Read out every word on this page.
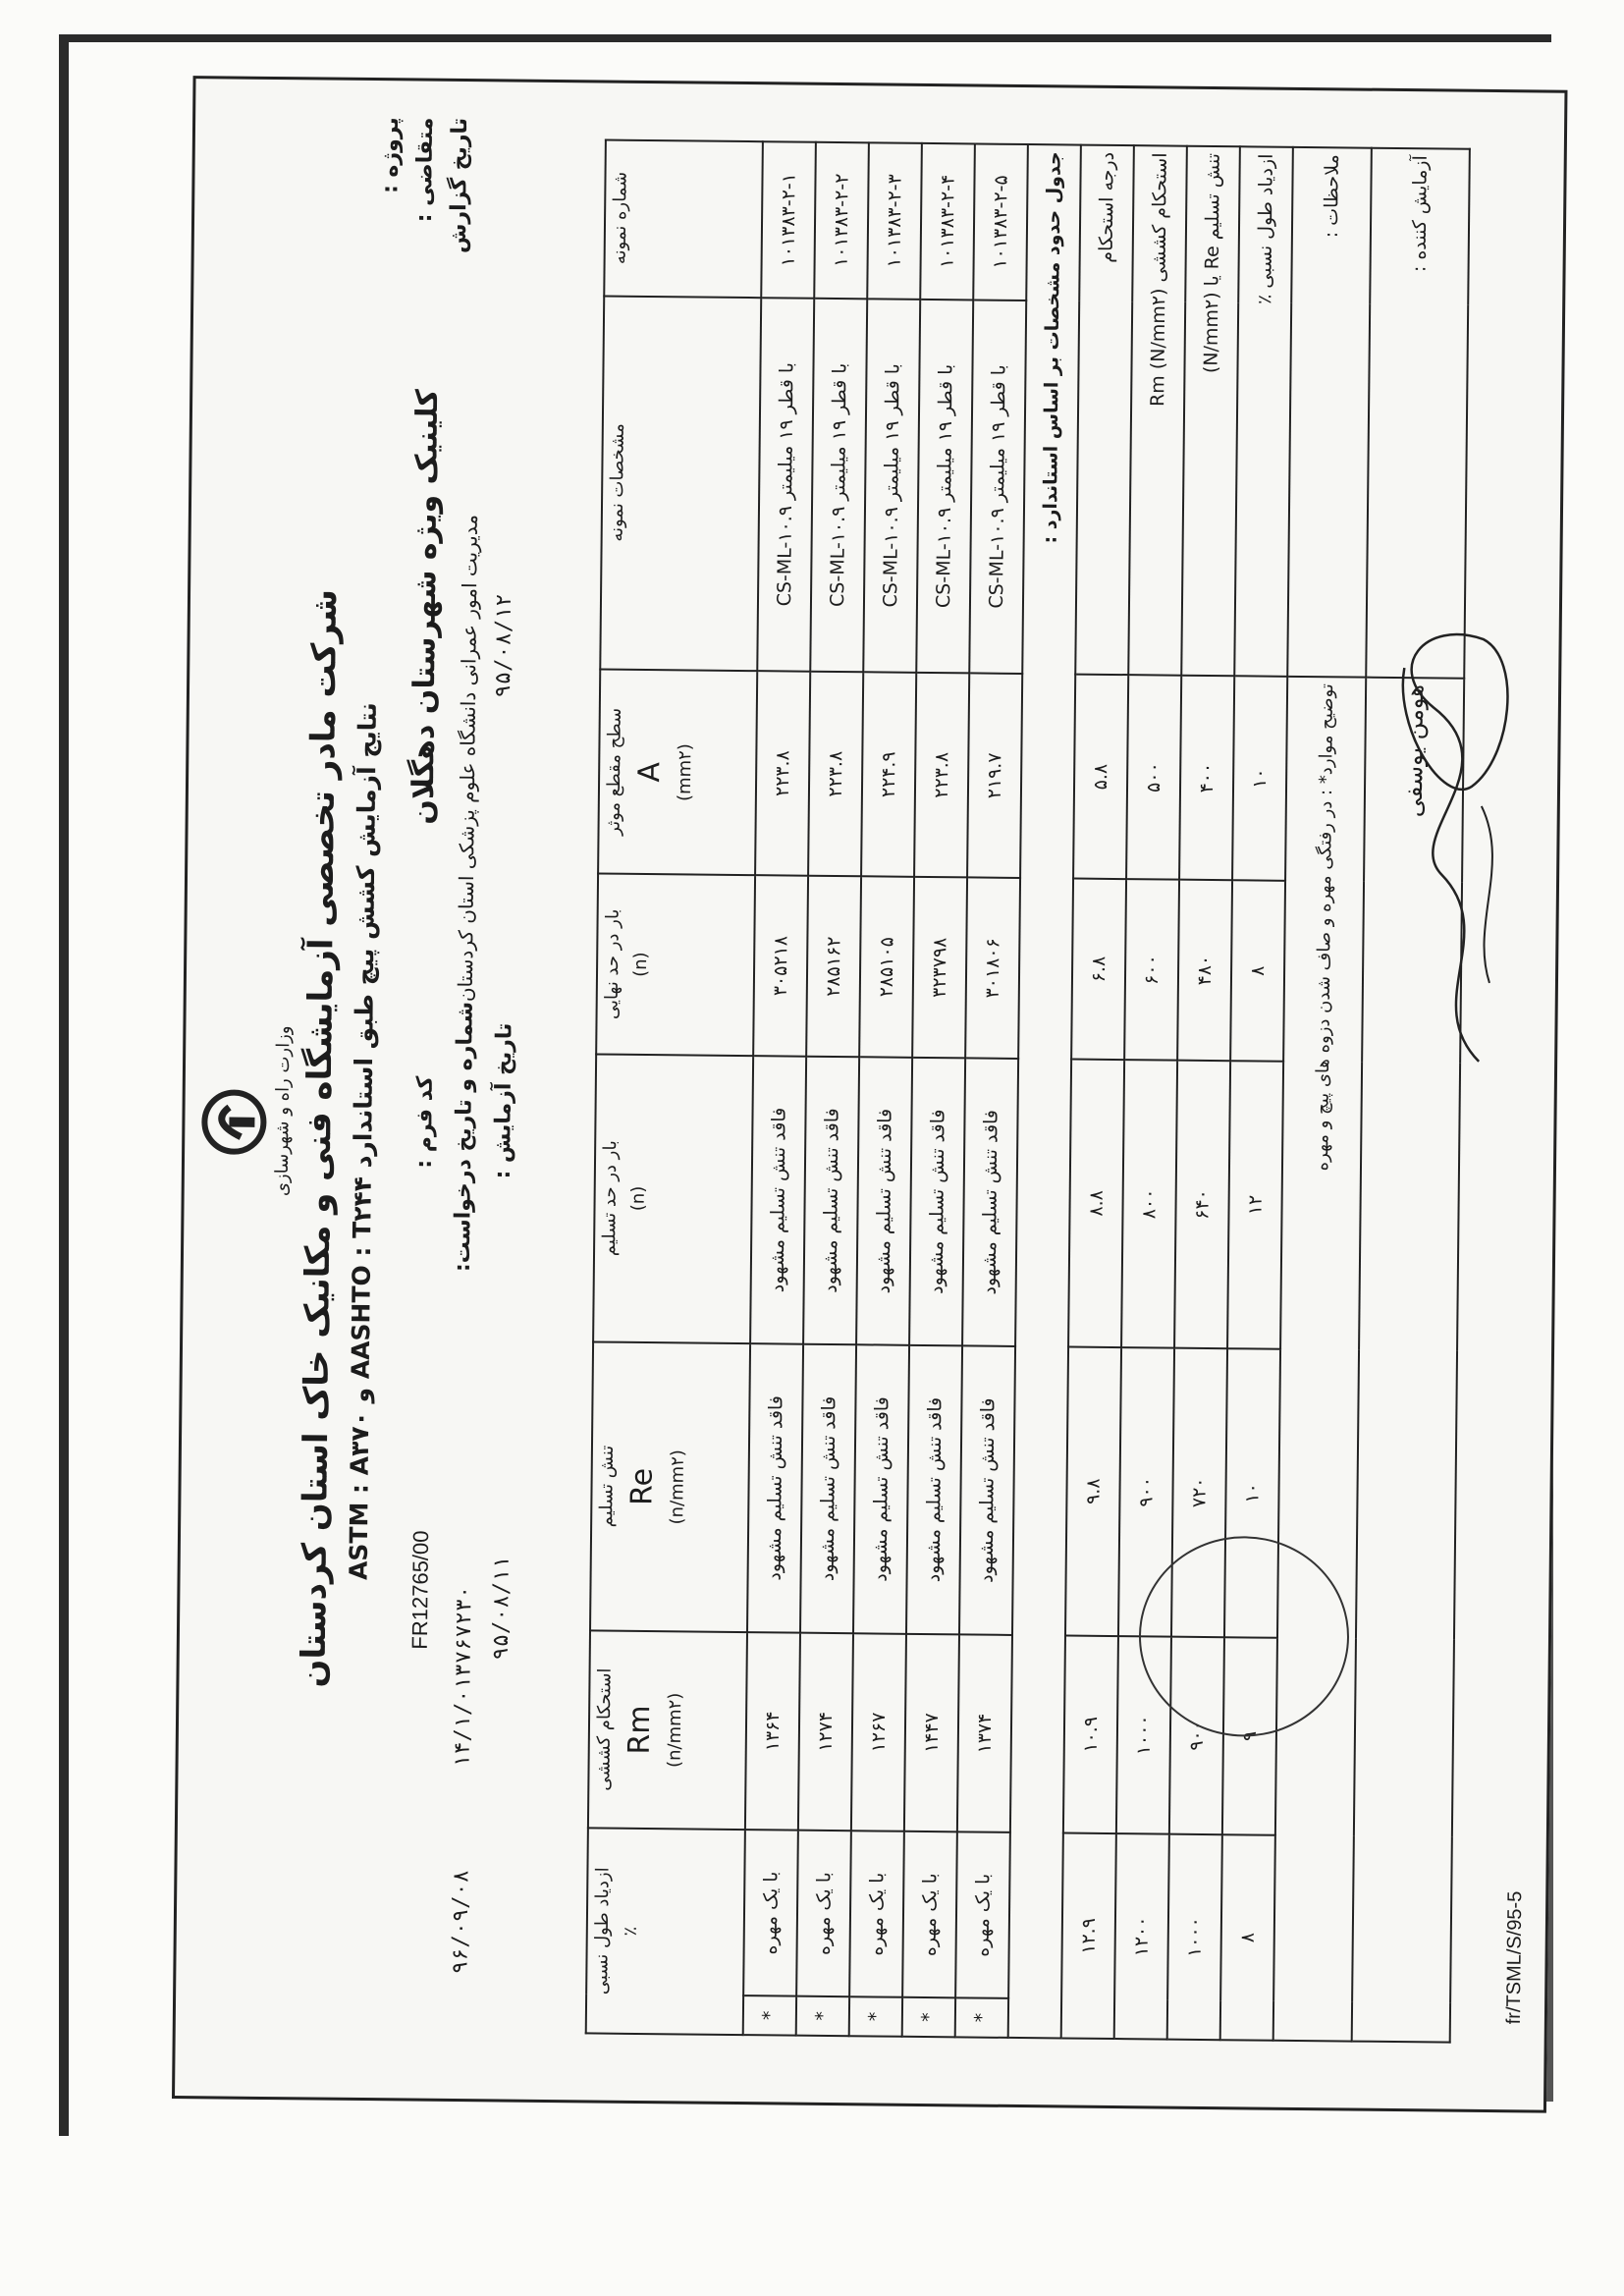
وزارت راه و شهرسازی شرکت مادر تخصصی آزمایشگاه فنی و مکانیک خاک استان کردستان نتایج آزمایش کشش پیچ طبق استاندارد AASHTO : T۲۴۴ و ASTM : A۳۷۰
پروژه : متقاضی : تاریخ گزارش
کلینیک ویژه شهرستان دهگلان مدیریت امور عمرانی دانشگاه علوم پزشکی استان کردستان ۹۵/۰۸/۱۲
کد فرم : شماره و تاریخ درخواست: تاریخ آزمایش :
FR12765/00 ۱۴/۱/۰۱۳۷۶۷۲۳۰ ۹۵/۰۸/۱۱
۹۶/۰۹/۰۸
شماره نمونه	مشخصات نمونه	سطح مقطع موثر A
(mm۲)	بار در حد نهایی (n)	بار در حد تسلیم (n)	تنش تسلیم Re
(n/mm۲)	استحکام کششی Rm
(n/mm۲)	ازدیاد طول نسبی ٪	

۱۰۱۳۸۳-۲-۱	با قطر ۱۹ میلیمتر CS-ML-۱۰.۹	۲۲۳.۸	۳۰۵۲۱۸	فاقد تنش تسلیم مشهود	فاقد تنش تسلیم مشهود	۱۳۶۴	با یک مهره	*
۱۰۱۳۸۳-۲-۲	با قطر ۱۹ میلیمتر CS-ML-۱۰.۹	۲۲۳.۸	۲۸۵۱۶۲	فاقد تنش تسلیم مشهود	فاقد تنش تسلیم مشهود	۱۲۷۴	با یک مهره	*
۱۰۱۳۸۳-۲-۳	با قطر ۱۹ میلیمتر CS-ML-۱۰.۹	۲۲۴.۹	۲۸۵۱۰۵	فاقد تنش تسلیم مشهود	فاقد تنش تسلیم مشهود	۱۲۶۷	با یک مهره	*
۱۰۱۳۸۳-۲-۴	با قطر ۱۹ میلیمتر CS-ML-۱۰.۹	۲۲۳.۸	۳۲۳۷۹۸	فاقد تنش تسلیم مشهود	فاقد تنش تسلیم مشهود	۱۴۴۷	با یک مهره	*
۱۰۱۳۸۳-۲-۵	با قطر ۱۹ میلیمتر CS-ML-۱۰.۹	۲۱۹.۷	۳۰۱۸۰۶	فاقد تنش تسلیم مشهود	فاقد تنش تسلیم مشهود	۱۳۷۴	با یک مهره	*
جدول حدود مشخصات بر اساس استاندارد :								
درجه استحکام		۵.۸	۶.۸	۸.۸	۹.۸	۱۰.۹	۱۲.۹	
استحکام کششی Rm (N/mm۲)		۵۰۰	۶۰۰	۸۰۰	۹۰۰	۱۰۰۰	۱۲۰۰	
تنش تسلیم Re یا (N/mm۲)		۴۰۰	۴۸۰	۶۴۰	۷۲۰	۹۰۰	۱۰۰۰	
ازدیاد طول نسبی ٪		۱۰	۸	۱۲	۱۰	۹	۸	
ملاحظات :		توضیح موارد* : در رفتگی مهره و صاف شدن دزوه های پیچ و مهره						
آزمایش کننده :		هومن یوسفی						
fr/TSML/S/95-5
